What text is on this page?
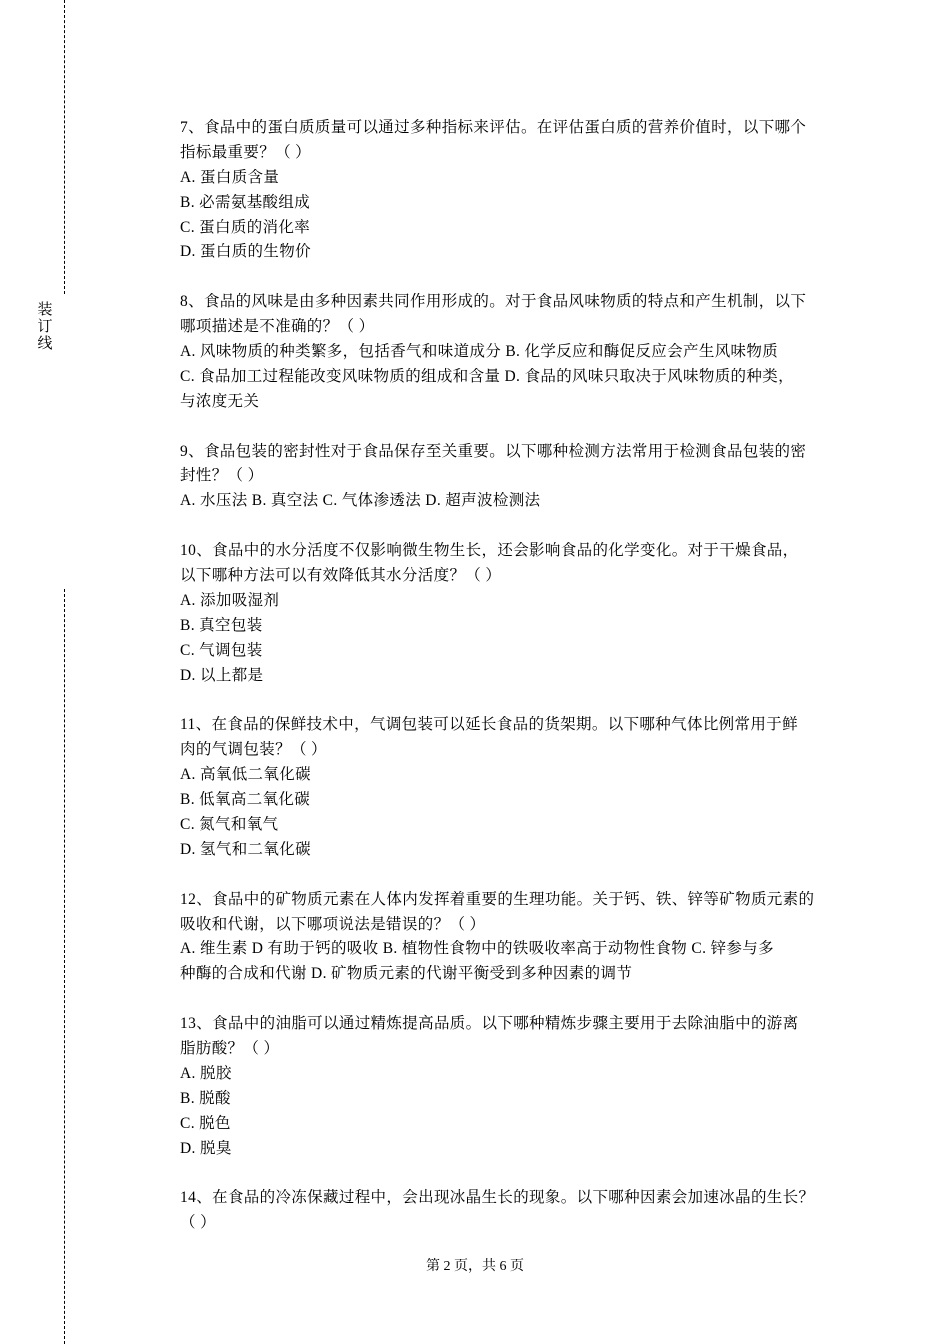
装
订
线
7、食品中的蛋白质质量可以通过多种指标来评估。在评估蛋白质的营养价值时，以下哪个
指标最重要？（ ）
A. 蛋白质含量
B. 必需氨基酸组成
C. 蛋白质的消化率
D. 蛋白质的生物价
8、食品的风味是由多种因素共同作用形成的。对于食品风味物质的特点和产生机制，以下
哪项描述是不准确的？（ ）
A. 风味物质的种类繁多，包括香气和味道成分 B. 化学反应和酶促反应会产生风味物质
C. 食品加工过程能改变风味物质的组成和含量 D. 食品的风味只取决于风味物质的种类，
与浓度无关
9、食品包装的密封性对于食品保存至关重要。以下哪种检测方法常用于检测食品包装的密
封性？（ ）
A. 水压法 B. 真空法 C. 气体渗透法 D. 超声波检测法
10、食品中的水分活度不仅影响微生物生长，还会影响食品的化学变化。对于干燥食品，
以下哪种方法可以有效降低其水分活度？（ ）
A. 添加吸湿剂
B. 真空包装
C. 气调包装
D. 以上都是
11、在食品的保鲜技术中，气调包装可以延长食品的货架期。以下哪种气体比例常用于鲜
肉的气调包装？（ ）
A. 高氧低二氧化碳
B. 低氧高二氧化碳
C. 氮气和氧气
D. 氢气和二氧化碳
12、食品中的矿物质元素在人体内发挥着重要的生理功能。关于钙、铁、锌等矿物质元素的
吸收和代谢，以下哪项说法是错误的？（ ）
A. 维生素 D 有助于钙的吸收 B. 植物性食物中的铁吸收率高于动物性食物 C. 锌参与多
种酶的合成和代谢 D. 矿物质元素的代谢平衡受到多种因素的调节
13、食品中的油脂可以通过精炼提高品质。以下哪种精炼步骤主要用于去除油脂中的游离
脂肪酸？（ ）
A. 脱胶
B. 脱酸
C. 脱色
D. 脱臭
14、在食品的冷冻保藏过程中，会出现冰晶生长的现象。以下哪种因素会加速冰晶的生长？
（ ）
第 2 页，共 6 页
